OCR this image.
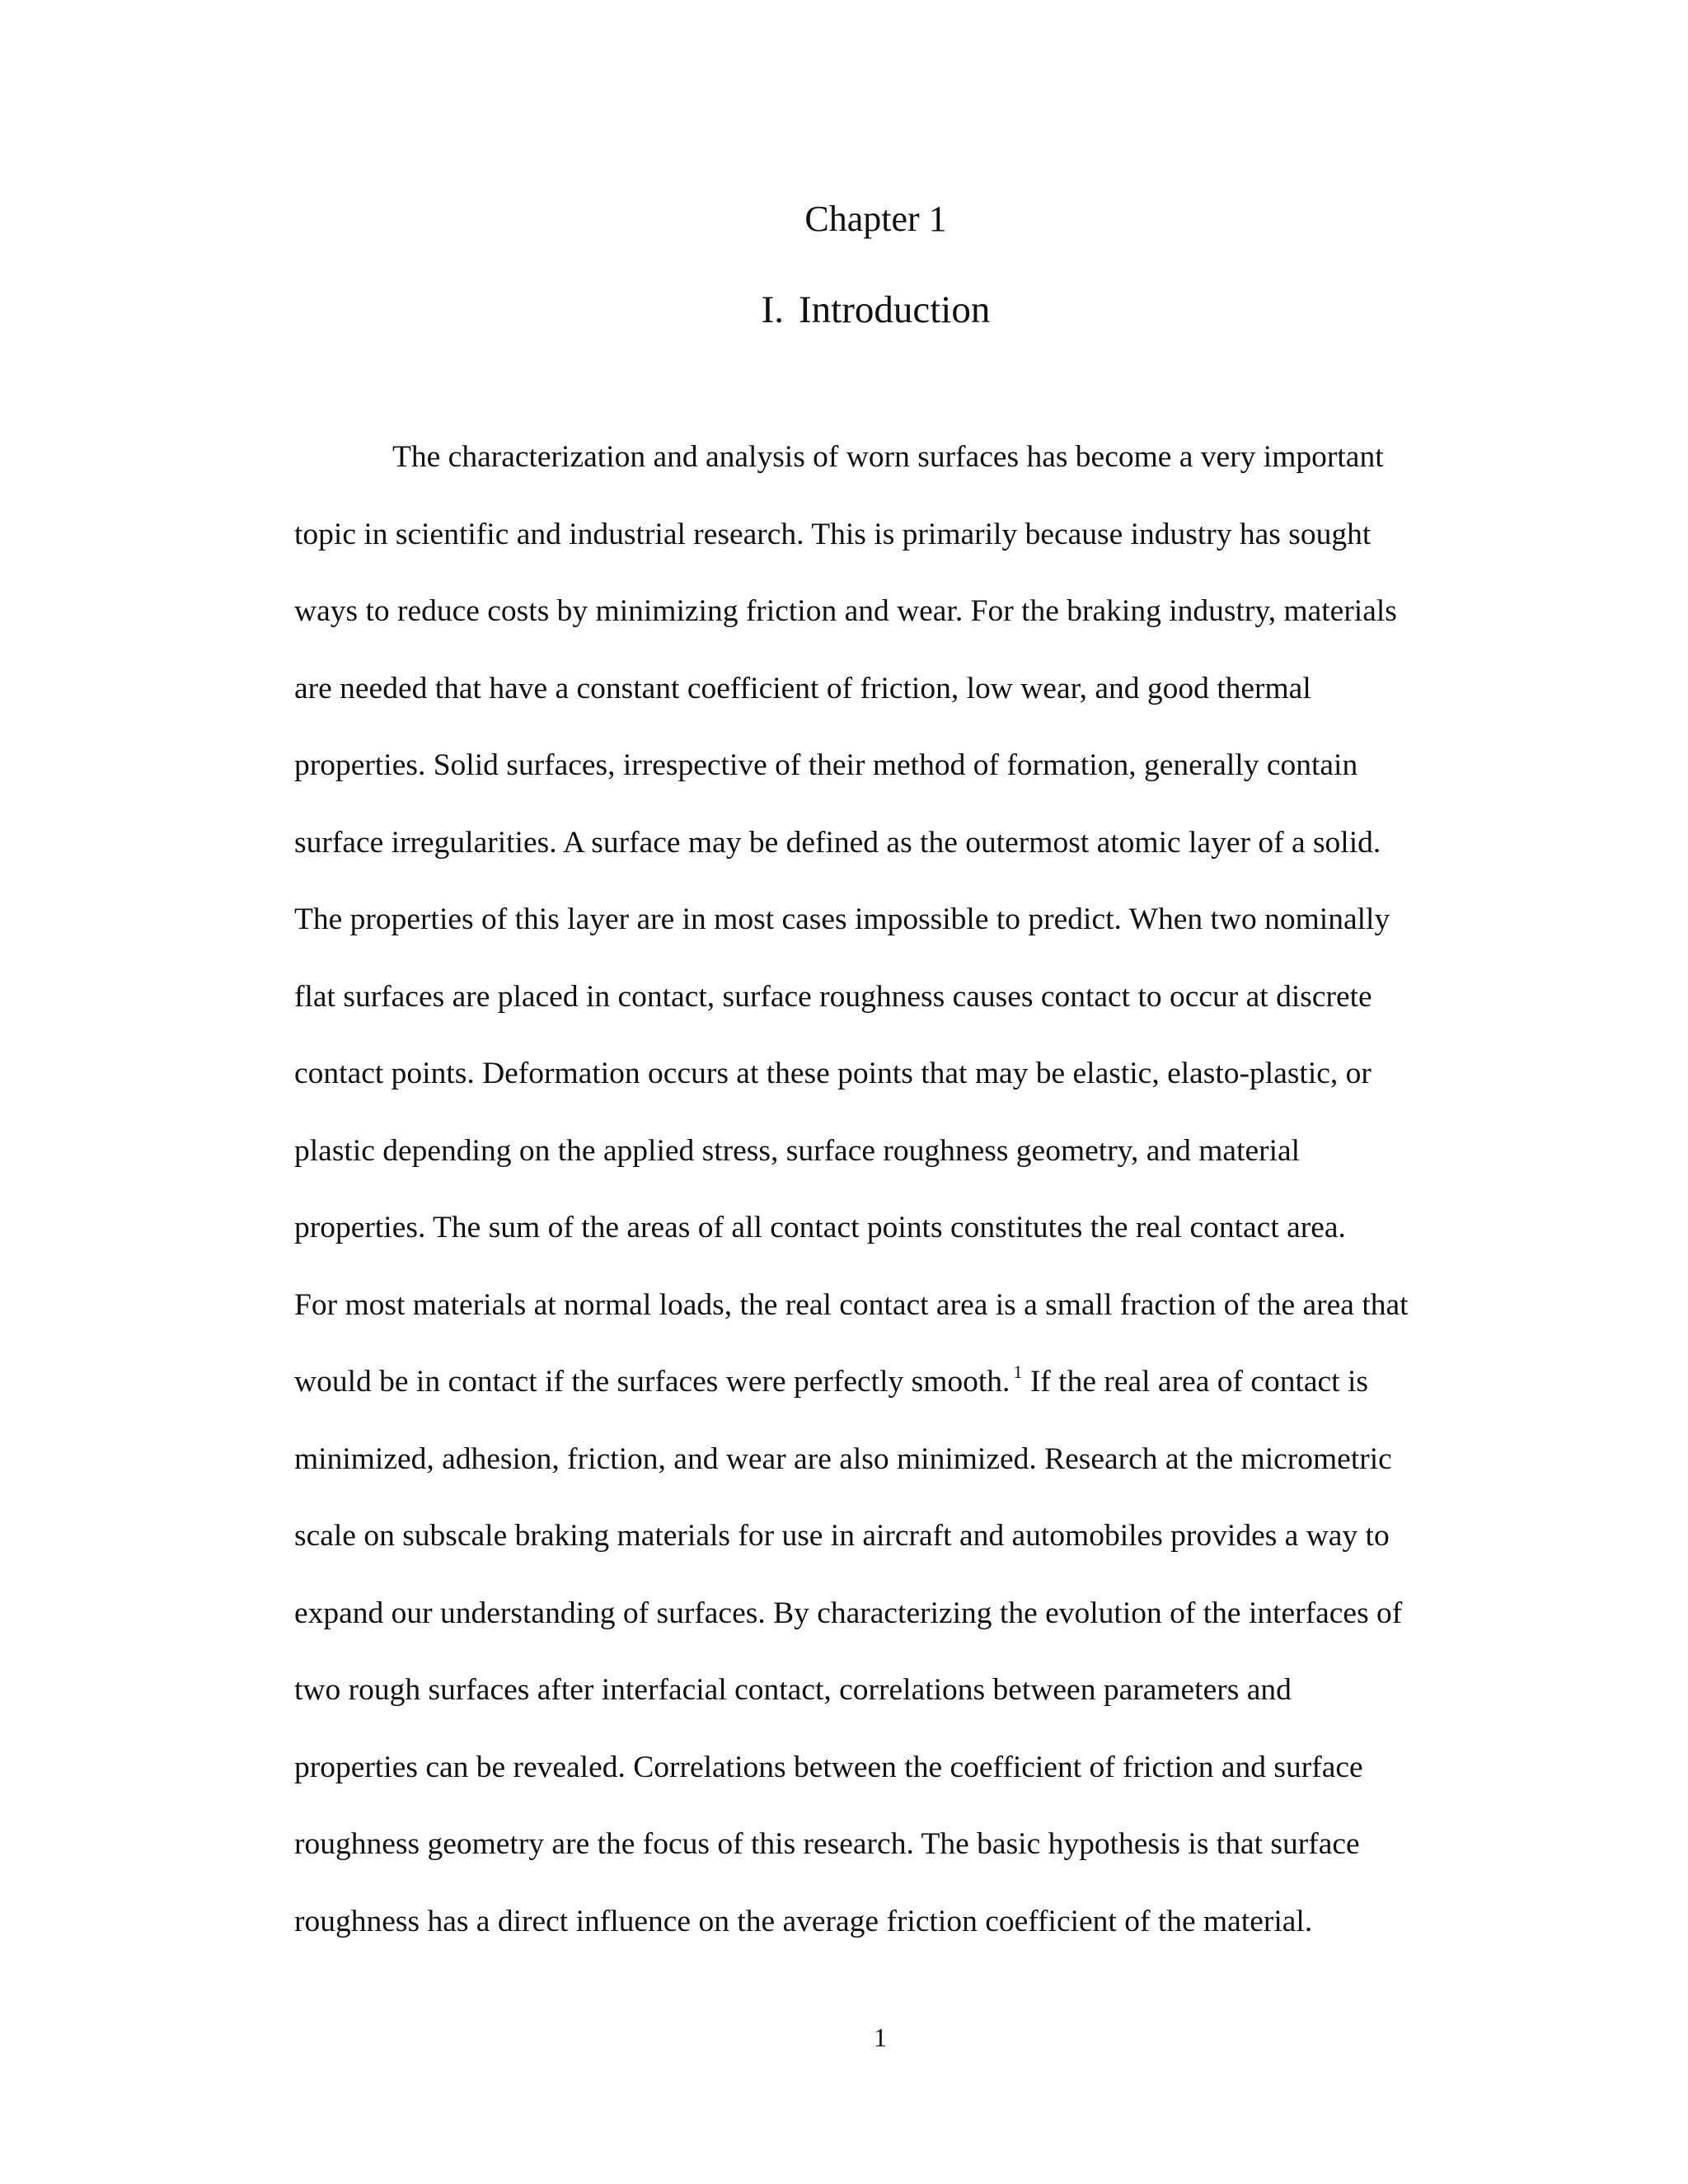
Chapter 1
I. Introduction
The characterization and analysis of worn surfaces has become a very important
topic in scientific and industrial research. This is primarily because industry has sought
ways to reduce costs by minimizing friction and wear. For the braking industry, materials
are needed that have a constant coefficient of friction, low wear, and good thermal
properties. Solid surfaces, irrespective of their method of formation, generally contain
surface irregularities. A surface may be defined as the outermost atomic layer of a solid.
The properties of this layer are in most cases impossible to predict. When two nominally
flat surfaces are placed in contact, surface roughness causes contact to occur at discrete
contact points. Deformation occurs at these points that may be elastic, elasto-plastic, or
plastic depending on the applied stress, surface roughness geometry, and material
properties. The sum of the areas of all contact points constitutes the real contact area.
For most materials at normal loads, the real contact area is a small fraction of the area that
would be in contact if the surfaces were perfectly smooth. $^1$ If the real area of contact is
minimized, adhesion, friction, and wear are also minimized. Research at the micrometric
scale on subscale braking materials for use in aircraft and automobiles provides a way to
expand our understanding of surfaces. By characterizing the evolution of the interfaces of
two rough surfaces after interfacial contact, correlations between parameters and
properties can be revealed. Correlations between the coefficient of friction and surface
roughness geometry are the focus of this research. The basic hypothesis is that surface
roughness has a direct influence on the average friction coefficient of the material.
1
